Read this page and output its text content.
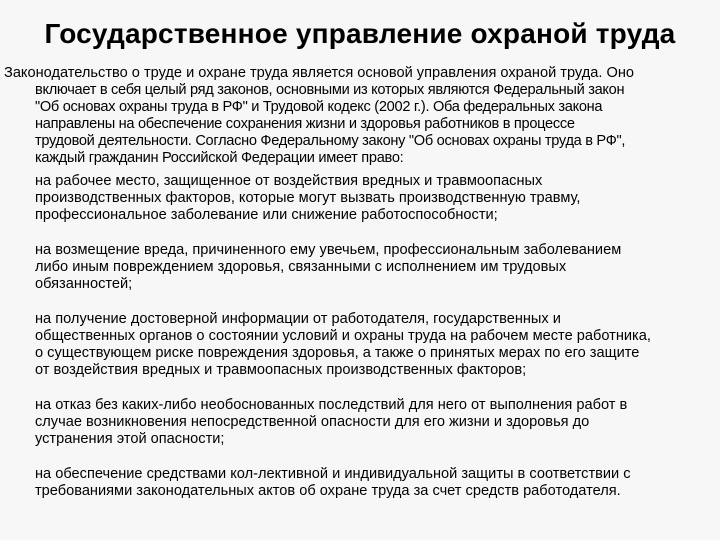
Государственное управление охраной труда
Законодательство о труде и охране труда является основой управления охраной труда. Оно
включает в себя целый ряд законов, основными из которых являются Федеральный закон
"Об основах охраны труда в РФ" и Трудовой кодекс (2002 г.). Оба федеральных закона
направлены на обеспечение сохранения жизни и здоровья работников в процессе
трудовой деятельности. Согласно Федеральному закону "Об основах охраны труда в РФ",
каждый гражданин Российской Федерации имеет право:
на рабочее место, защищенное от воздействия вредных и травмоопасных
производственных факторов, которые могут вызвать производственную травму,
профессиональное заболевание или снижение работоспособности;
на возмещение вреда, причиненного ему увечьем, профессиональным заболеванием
либо иным повреждением здоровья, связанными с исполнением им трудовых
обязанностей;
на получение достоверной информации от работодателя, государственных и
общественных органов о состоянии условий и охраны труда на рабочем месте работника,
о существующем риске повреждения здоровья, а также о принятых мерах по его защите
от воздействия вредных и травмоопасных производственных факторов;
на отказ без каких-либо необоснованных последствий для него от выполнения работ в
случае возникновения непосредственной опасности для его жизни и здоровья до
устранения этой опасности;
на обеспечение средствами кол-лективной и индивидуальной защиты в соответствии с
требованиями законодательных актов об охране труда за счет средств работодателя.
